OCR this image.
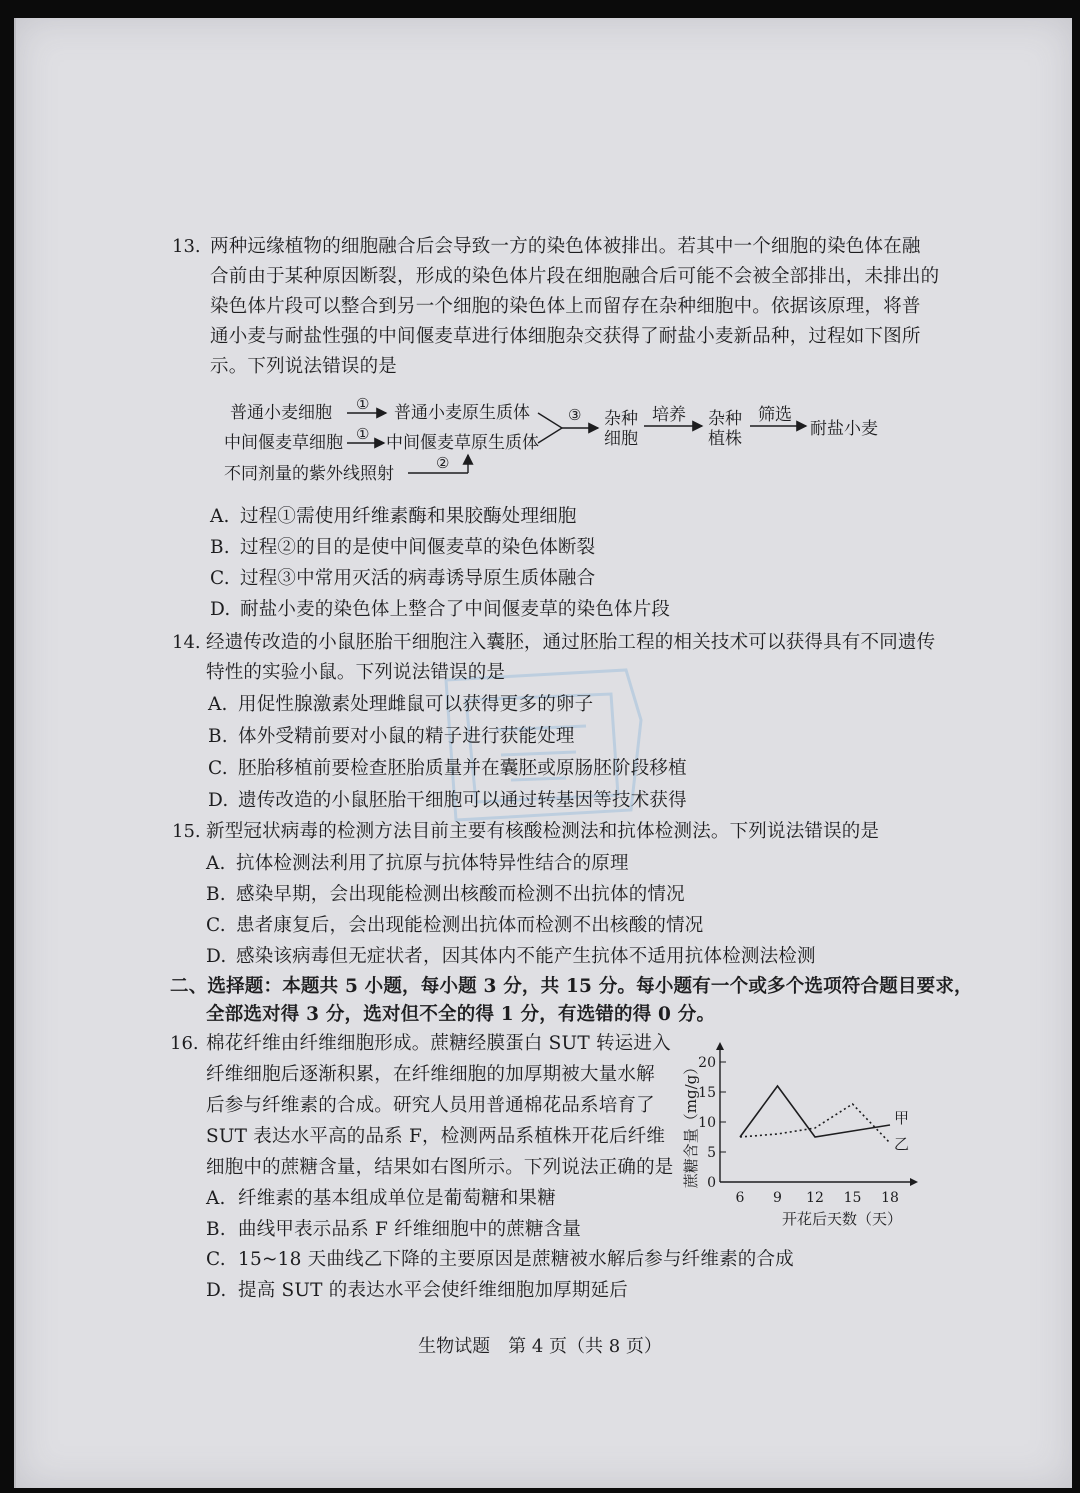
13. 两种远缘植物的细胞融合后会导致一方的染色体被排出。若其中一个细胞的染色体在融
合前由于某种原因断裂，形成的染色体片段在细胞融合后可能不会被全部排出，未排出的
染色体片段可以整合到另一个细胞的染色体上而留存在杂种细胞中。依据该原理，将普
通小麦与耐盐性强的中间偃麦草进行体细胞杂交获得了耐盐小麦新品种，过程如下图所
示。下列说法错误的是
普通小麦细胞 ① 普通小麦原生质体
中间偃麦草细胞 ① 中间偃麦草原生质体
不同剂量的紫外线照射
②
③ 杂种
细胞
培养 杂种
植株
筛选
耐盐小麦
A. 过程①需使用纤维素酶和果胶酶处理细胞
B. 过程②的目的是使中间偃麦草的染色体断裂
C. 过程③中常用灭活的病毒诱导原生质体融合
D. 耐盐小麦的染色体上整合了中间偃麦草的染色体片段
14. 经遗传改造的小鼠胚胎干细胞注入囊胚，通过胚胎工程的相关技术可以获得具有不同遗传
特性的实验小鼠。下列说法错误的是
A. 用促性腺激素处理雌鼠可以获得更多的卵子
B. 体外受精前要对小鼠的精子进行获能处理
C. 胚胎移植前要检查胚胎质量并在囊胚或原肠胚阶段移植
D. 遗传改造的小鼠胚胎干细胞可以通过转基因等技术获得
15. 新型冠状病毒的检测方法目前主要有核酸检测法和抗体检测法。下列说法错误的是
A. 抗体检测法利用了抗原与抗体特异性结合的原理
B. 感染早期，会出现能检测出核酸而检测不出抗体的情况
C. 患者康复后，会出现能检测出抗体而检测不出核酸的情况
D. 感染该病毒但无症状者，因其体内不能产生抗体不适用抗体检测法检测
二、选择题：本题共 5 小题，每小题 3 分，共 15 分。每小题有一个或多个选项符合题目要求，
全部选对得 3 分，选对但不全的得 1 分，有选错的得 0 分。
16. 棉花纤维由纤维细胞形成。蔗糖经膜蛋白 SUT 转运进入
纤维细胞后逐渐积累，在纤维细胞的加厚期被大量水解
后参与纤维素的合成。研究人员用普通棉花品系培育了
SUT 表达水平高的品系 F，检测两品系植株开花后纤维
细胞中的蔗糖含量，结果如右图所示。下列说法正确的是
A. 纤维素的基本组成单位是葡萄糖和果糖
B. 曲线甲表示品系 F 纤维细胞中的蔗糖含量
C. 15~18 天曲线乙下降的主要原因是蔗糖被水解后参与纤维素的合成
D. 提高 SUT 的表达水平会使纤维细胞加厚期延后
0
5
10
15
20
6 9 12 15 18
甲
乙
蔗糖含量（mg/g）
开花后天数（天）
生物试题　第 4 页（共 8 页）
